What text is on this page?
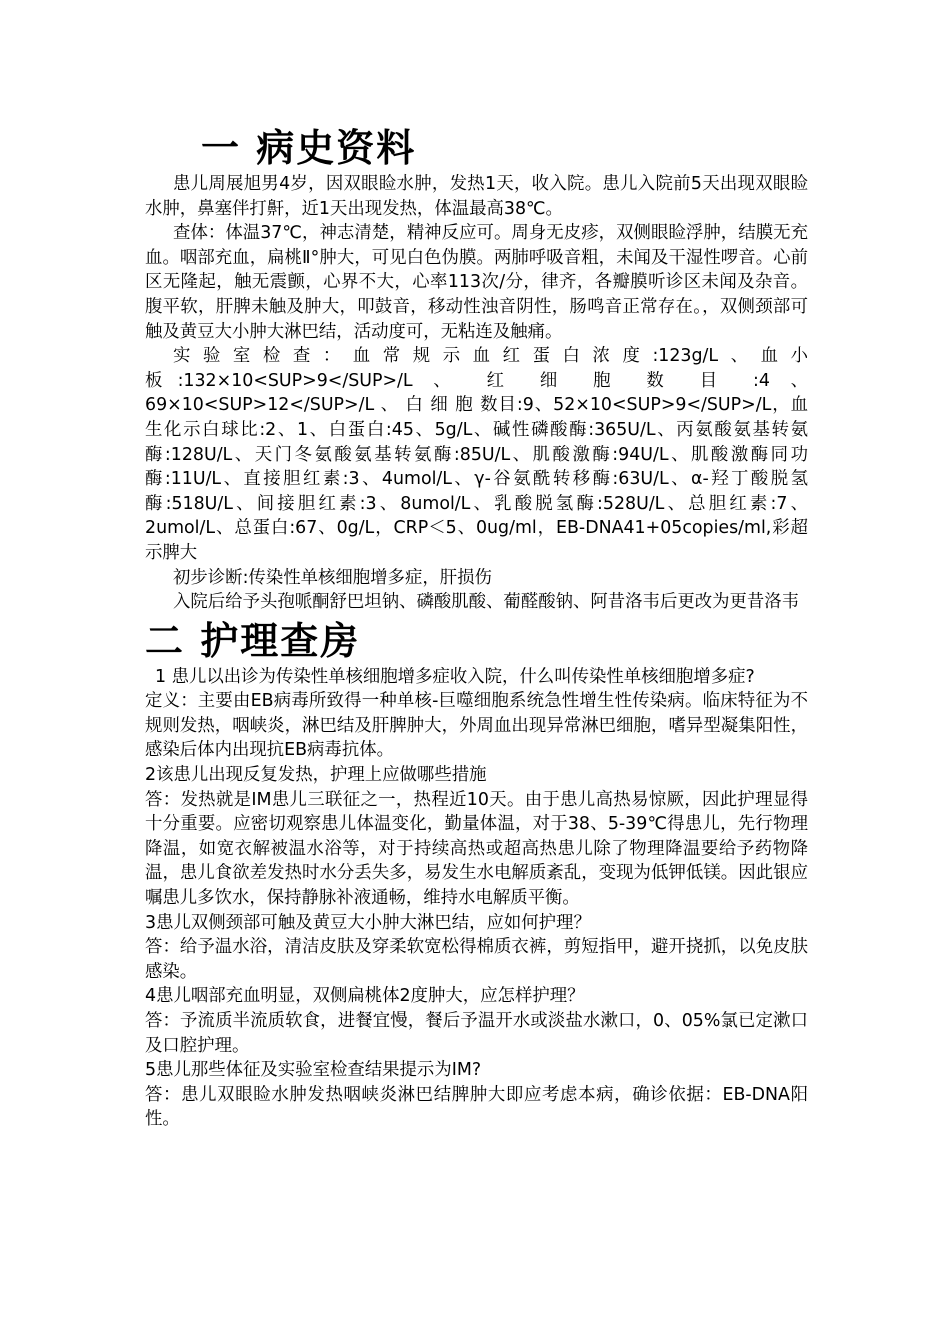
一 病史资料

患儿周展旭男4岁，因双眼睑水肿，发热1天，收入院。患儿入院前5天出现双眼睑水肿，鼻塞伴打鼾，近1天出现发热，体温最高38℃。

查体：体温37℃，神志清楚，精神反应可。周身无皮疹，双侧眼睑浮肿，结膜无充血。咽部充血，扁桃Ⅱ°肿大，可见白色伪膜。两肺呼吸音粗，未闻及干湿性啰音。心前区无隆起，触无震颤，心界不大，心率113次/分，律齐，各瓣膜听诊区未闻及杂音。腹平软，肝脾未触及肿大，叩鼓音，移动性浊音阴性，肠鸣音正常存在。，双侧颈部可触及黄豆大小肿大淋巴结，活动度可，无粘连及触痛。

实验室检查：血常规示血红蛋白浓度:123g/L、血小板:132×10<SUP>9</SUP>/L 、 红 细 胞 数 目 :4 、 69×10<SUP>12</SUP>/L 、 白 细 胞 数目:9、52×10<SUP>9</SUP>/L，血生化示白球比:2、1、白蛋白:45、5g/L、碱性磷酸酶:365U/L、丙氨酸氨基转氨酶:128U/L、天门冬氨酸氨基转氨酶:85U/L、肌酸激酶:94U/L、肌酸激酶同功酶:11U/L、直接胆红素:3、4umol/L、γ-谷氨酰转移酶:63U/L、α-羟丁酸脱氢酶:518U/L、间接胆红素:3、8umol/L、乳酸脱氢酶:528U/L、总胆红素:7、2umol/L、总蛋白:67、0g/L，CRP＜5、0ug/ml，EB-DNA41+05copies/ml,彩超示脾大

初步诊断:传染性单核细胞增多症，肝损伤

入院后给予头孢哌酮舒巴坦钠、磷酸肌酸、葡醛酸钠、阿昔洛韦后更改为更昔洛韦

二 护理查房

1 患儿以出诊为传染性单核细胞增多症收入院，什么叫传染性单核细胞增多症?

定义：主要由EB病毒所致得一种单核-巨噬细胞系统急性增生性传染病。临床特征为不规则发热，咽峡炎，淋巴结及肝脾肿大，外周血出现异常淋巴细胞，嗜异型凝集阳性，感染后体内出现抗EB病毒抗体。

2该患儿出现反复发热，护理上应做哪些措施

答：发热就是IM患儿三联征之一，热程近10天。由于患儿高热易惊厥，因此护理显得十分重要。应密切观察患儿体温变化，勤量体温，对于38、5-39℃得患儿，先行物理降温，如宽衣解被温水浴等，对于持续高热或超高热患儿除了物理降温要给予药物降温，患儿食欲差发热时水分丢失多，易发生水电解质紊乱，变现为低钾低镁。因此银应嘱患儿多饮水，保持静脉补液通畅，维持水电解质平衡。

3患儿双侧颈部可触及黄豆大小肿大淋巴结，应如何护理？

答：给予温水浴，清洁皮肤及穿柔软宽松得棉质衣裤，剪短指甲，避开挠抓，以免皮肤感染。

4患儿咽部充血明显，双侧扁桃体2度肿大，应怎样护理？

答：予流质半流质软食，进餐宜慢，餐后予温开水或淡盐水漱口，0、05%氯已定漱口及口腔护理。

5患儿那些体征及实验室检查结果提示为IM?

答：患儿双眼睑水肿发热咽峡炎淋巴结脾肿大即应考虑本病，确诊依据：EB-DNA阳性。
